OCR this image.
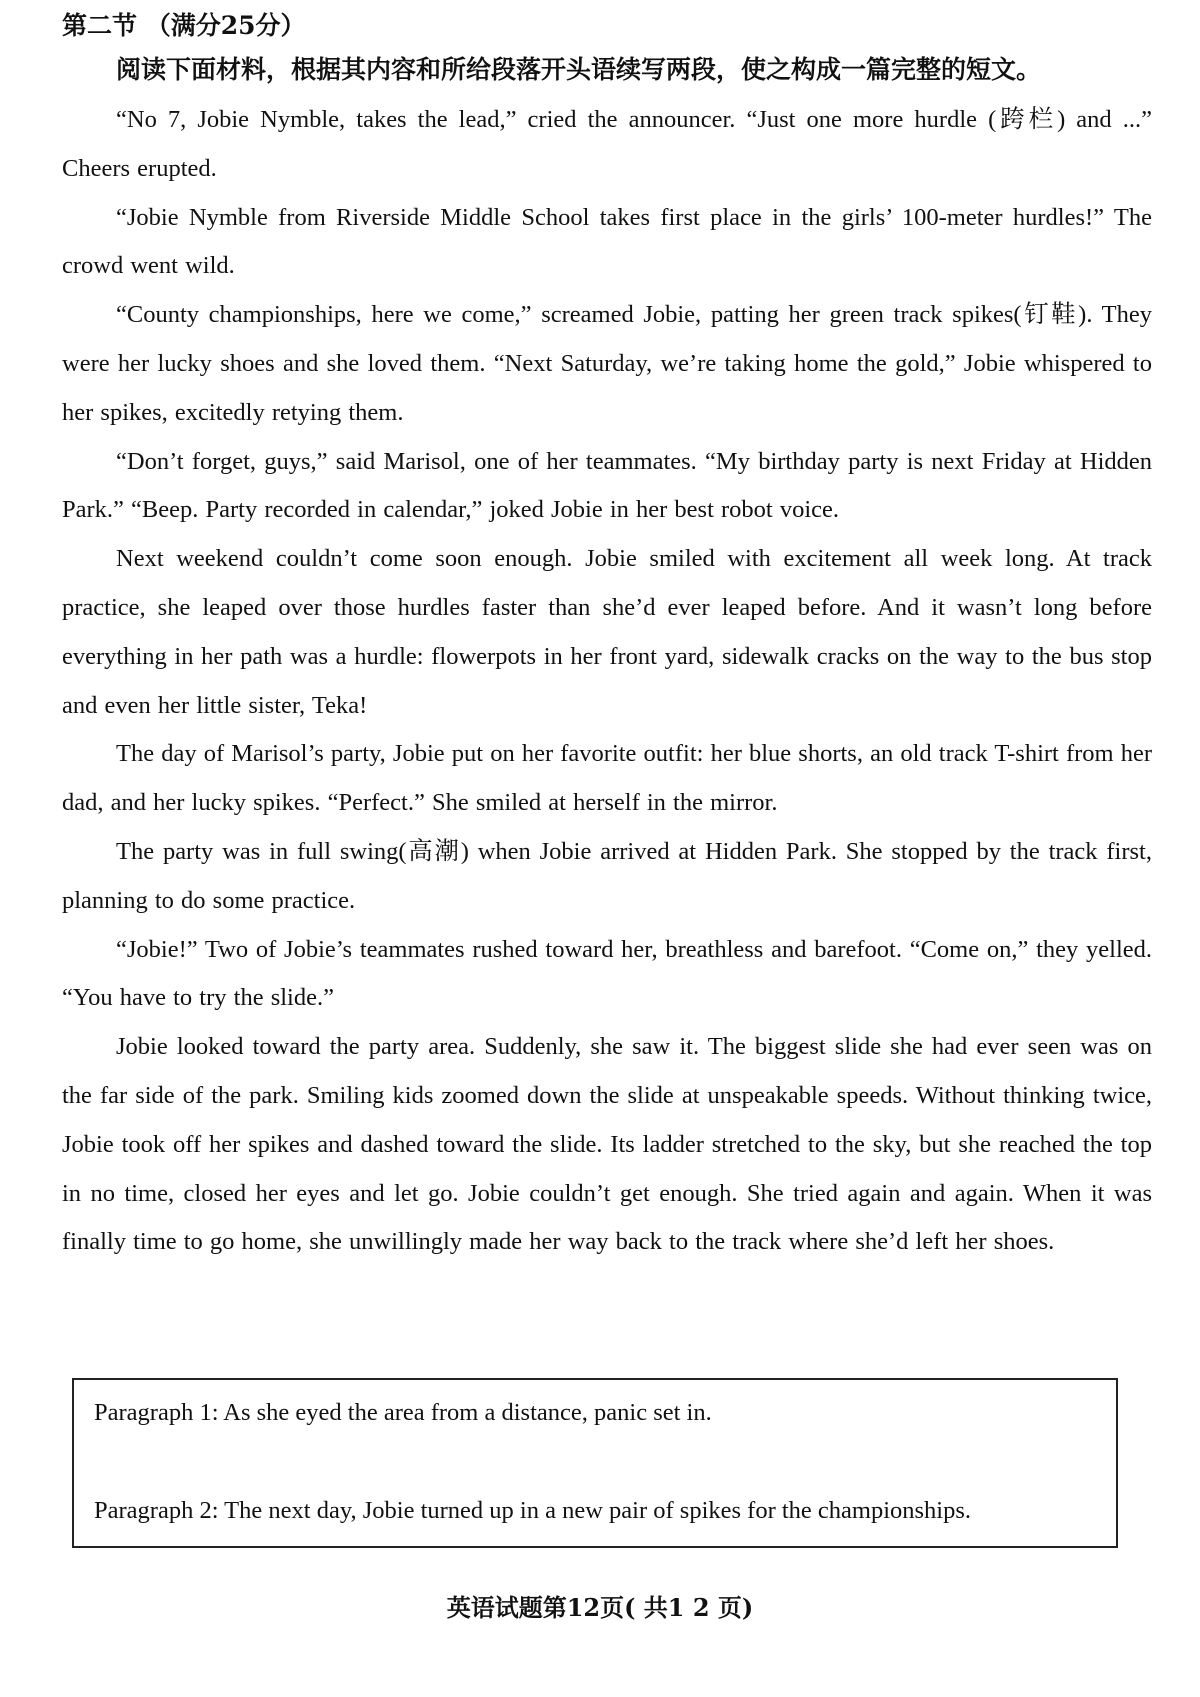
第二节 （满分25分）

阅读下面材料，根据其内容和所给段落开头语续写两段，使之构成一篇完整的短文。

“No 7, Jobie Nymble, takes the lead,” cried the announcer. “Just one more hurdle (跨栏) and ...” Cheers erupted.

“Jobie Nymble from Riverside Middle School takes first place in the girls’ 100-meter hurdles!” The crowd went wild.

“County championships, here we come,” screamed Jobie, patting her green track spikes(钉鞋). They were her lucky shoes and she loved them. “Next Saturday, we’re taking home the gold,” Jobie whispered to her spikes, excitedly retying them.

“Don’t forget, guys,” said Marisol, one of her teammates. “My birthday party is next Friday at Hidden Park.” “Beep. Party recorded in calendar,” joked Jobie in her best robot voice.

Next weekend couldn’t come soon enough. Jobie smiled with excitement all week long. At track practice, she leaped over those hurdles faster than she’d ever leaped before. And it wasn’t long before everything in her path was a hurdle: flowerpots in her front yard, sidewalk cracks on the way to the bus stop and even her little sister, Teka!

The day of Marisol’s party, Jobie put on her favorite outfit: her blue shorts, an old track T-shirt from her dad, and her lucky spikes. “Perfect.” She smiled at herself in the mirror.

The party was in full swing(高潮) when Jobie arrived at Hidden Park. She stopped by the track first, planning to do some practice.

“Jobie!” Two of Jobie’s teammates rushed toward her, breathless and barefoot. “Come on,” they yelled. “You have to try the slide.”

Jobie looked toward the party area. Suddenly, she saw it. The biggest slide she had ever seen was on the far side of the park. Smiling kids zoomed down the slide at unspeakable speeds. Without thinking twice, Jobie took off her spikes and dashed toward the slide. Its ladder stretched to the sky, but she reached the top in no time, closed her eyes and let go. Jobie couldn’t get enough. She tried again and again. When it was finally time to go home, she unwillingly made her way back to the track where she’d left her shoes.

Paragraph 1: As she eyed the area from a distance, panic set in.

Paragraph 2: The next day, Jobie turned up in a new pair of spikes for the championships.

英语试题第12页( 共1 2 页)
